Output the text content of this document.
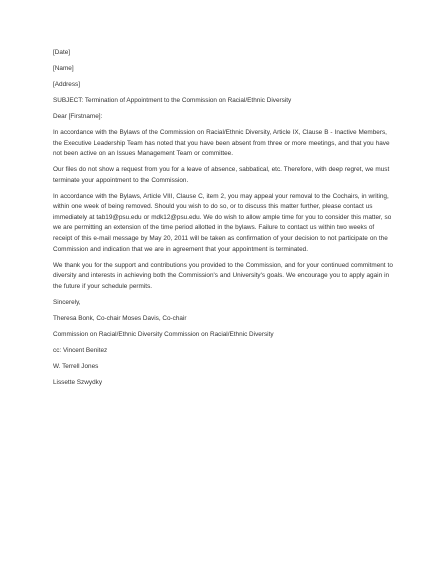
[Date]
[Name]
[Address]
SUBJECT: Termination of Appointment to the Commission on Racial/Ethnic Diversity
Dear [Firstname]:

In accordance with the Bylaws of the Commission on Racial/Ethnic Diversity, Article IX, Clause B - Inactive Members, the Executive Leadership Team has noted that you have been absent from three or more meetings, and that you have not been active on an Issues Management Team or committee.

Our files do not show a request from you for a leave of absence, sabbatical, etc. Therefore, with deep regret, we must terminate your appointment to the Commission.

In accordance with the Bylaws, Article VIII, Clause C, item 2, you may appeal your removal to the Cochairs, in writing, within one week of being removed. Should you wish to do so, or to discuss this matter further, please contact us immediately at tab19@psu.edu or mdk12@psu.edu. We do wish to allow ample time for you to consider this matter, so we are permitting an extension of the time period allotted in the bylaws. Failure to contact us within two weeks of receipt of this e-mail message by May 20, 2011 will be taken as confirmation of your decision to not participate on the Commission and indication that we are in agreement that your appointment is terminated.

We thank you for the support and contributions you provided to the Commission, and for your continued commitment to diversity and interests in achieving both the Commission's and University's goals. We encourage you to apply again in the future if your schedule permits.

Sincerely,
Theresa Bonk, Co-chair Moses Davis, Co-chair
Commission on Racial/Ethnic Diversity Commission on Racial/Ethnic Diversity
cc: Vincent Benitez
W. Terrell Jones
Lissette Szwydky
